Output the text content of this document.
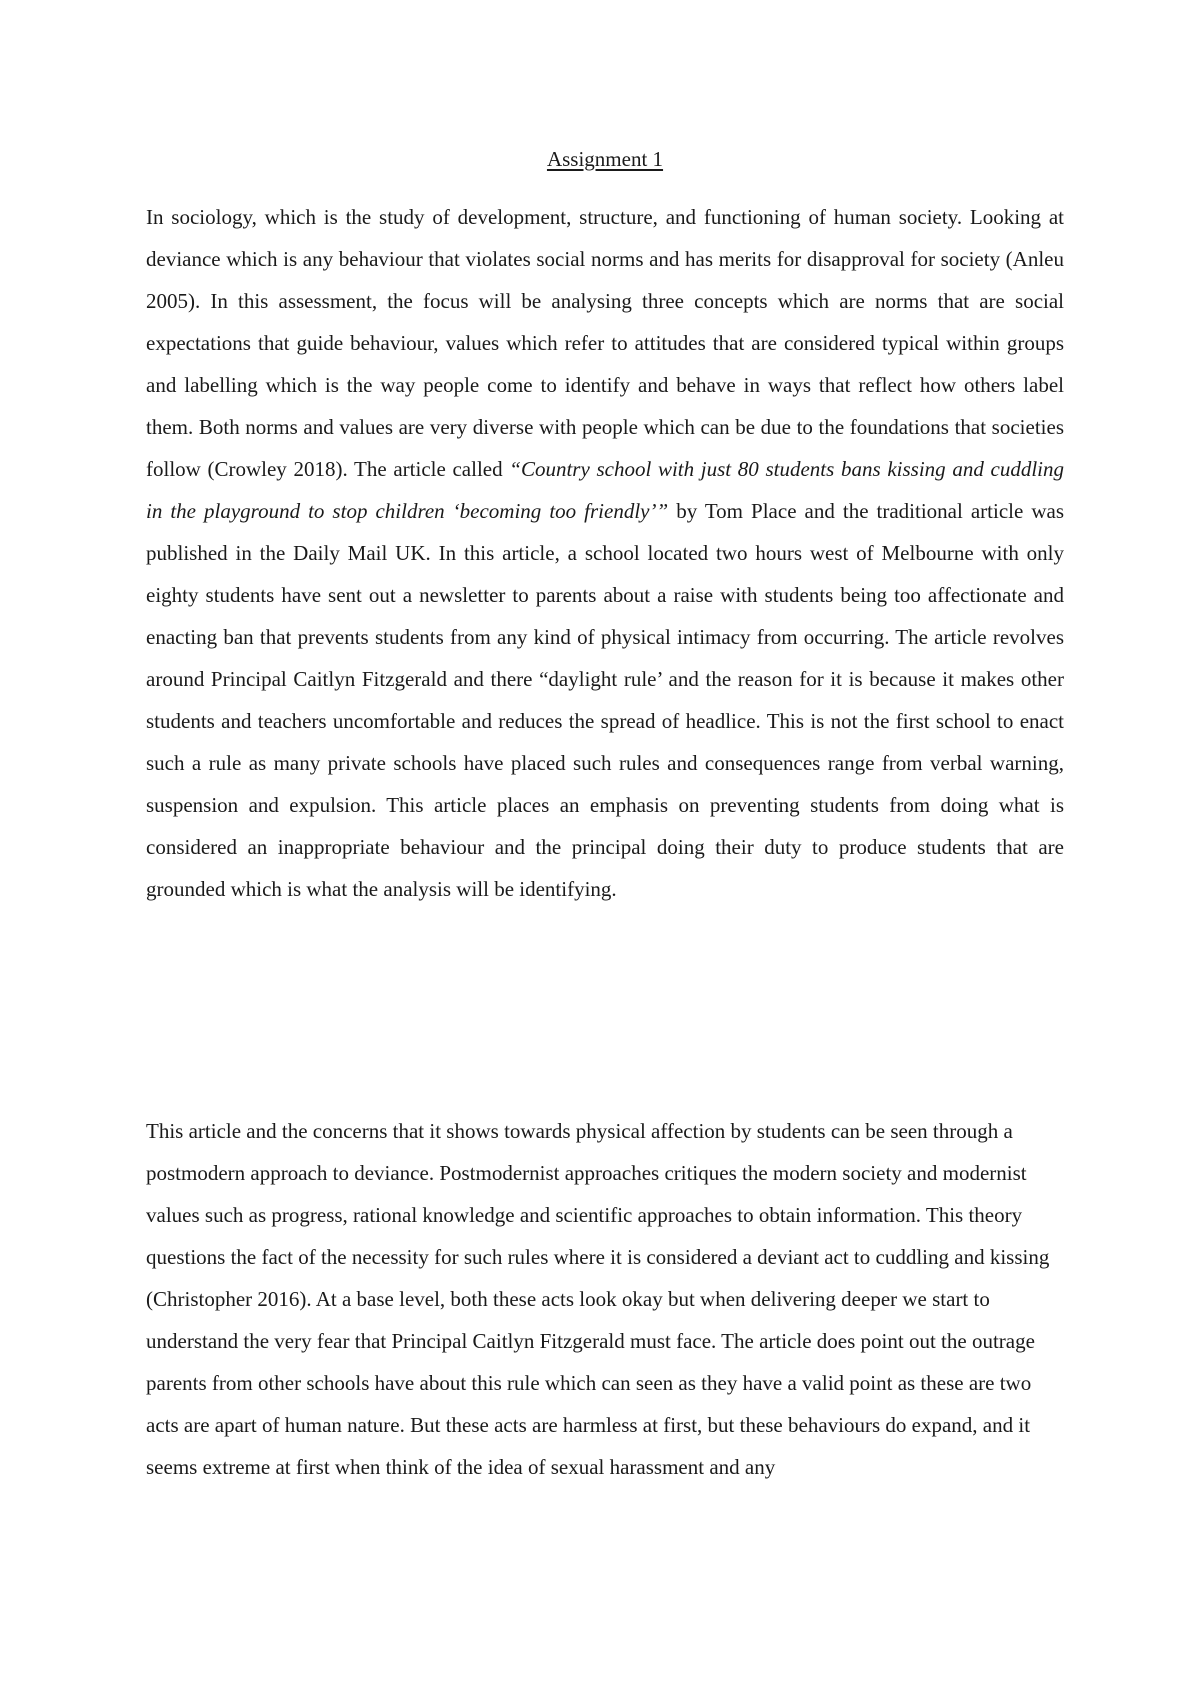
Assignment 1

In sociology, which is the study of development, structure, and functioning of human society. Looking at deviance which is any behaviour that violates social norms and has merits for disapproval for society (Anleu 2005). In this assessment, the focus will be analysing three concepts which are norms that are social expectations that guide behaviour, values which refer to attitudes that are considered typical within groups and labelling which is the way people come to identify and behave in ways that reflect how others label them. Both norms and values are very diverse with people which can be due to the foundations that societies follow (Crowley 2018). The article called “Country school with just 80 students bans kissing and cuddling in the playground to stop children ‘becoming too friendly’” by Tom Place and the traditional article was published in the Daily Mail UK. In this article, a school located two hours west of Melbourne with only eighty students have sent out a newsletter to parents about a raise with students being too affectionate and enacting ban that prevents students from any kind of physical intimacy from occurring. The article revolves around Principal Caitlyn Fitzgerald and there “daylight rule’ and the reason for it is because it makes other students and teachers uncomfortable and reduces the spread of headlice. This is not the first school to enact such a rule as many private schools have placed such rules and consequences range from verbal warning, suspension and expulsion. This article places an emphasis on preventing students from doing what is considered an inappropriate behaviour and the principal doing their duty to produce students that are grounded which is what the analysis will be identifying.

This article and the concerns that it shows towards physical affection by students can be seen through a postmodern approach to deviance. Postmodernist approaches critiques the modern society and modernist values such as progress, rational knowledge and scientific approaches to obtain information. This theory questions the fact of the necessity for such rules where it is considered a deviant act to cuddling and kissing (Christopher 2016). At a base level, both these acts look okay but when delivering deeper we start to understand the very fear that Principal Caitlyn Fitzgerald must face. The article does point out the outrage parents from other schools have about this rule which can seen as they have a valid point as these are two acts are apart of human nature. But these acts are harmless at first, but these behaviours do expand, and it seems extreme at first when think of the idea of sexual harassment and any
